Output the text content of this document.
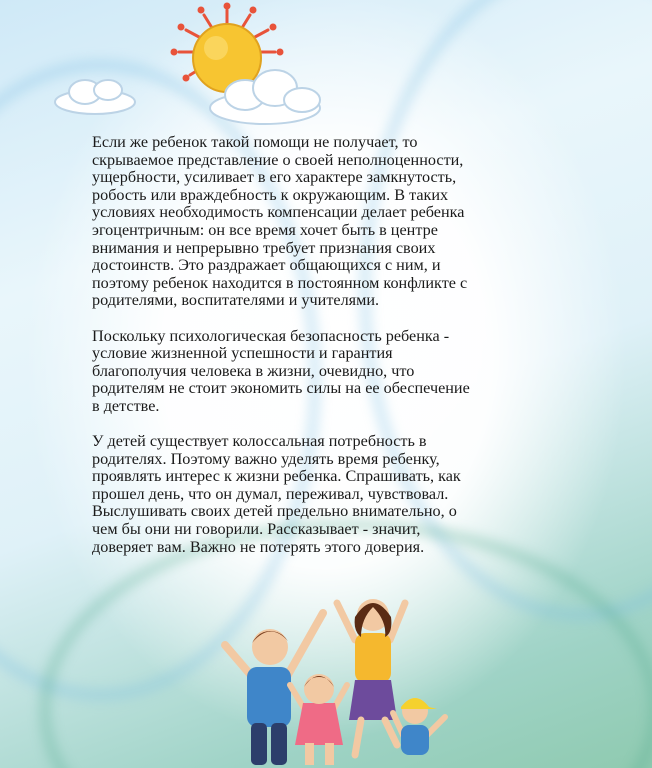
Если же ребенок такой помощи не получает, то
скрываемое представление о своей неполноценности,
ущербности, усиливает в его характере замкнутость,
робость или враждебность к окружающим. В таких
условиях необходимость компенсации делает ребенка
эгоцентричным: он все время хочет быть в центре
внимания и непрерывно требует признания своих
достоинств. Это раздражает общающихся с ним, и
поэтому ребенок находится в постоянном конфликте с
родителями, воспитателями и учителями.

Поскольку психологическая безопасность ребенка -
условие жизненной успешности и гарантия
благополучия человека в жизни, очевидно, что
родителям не стоит экономить силы на ее обеспечение
в детстве.

У детей существует колоссальная потребность в
родителях. Поэтому важно уделять время ребенку,
проявлять интерес к жизни ребенка. Спрашивать, как
прошел день, что он думал, переживал, чувствовал.
Выслушивать своих детей предельно внимательно, о
чем бы они ни говорили. Рассказывает - значит,
доверяет вам. Важно не потерять этого доверия.
